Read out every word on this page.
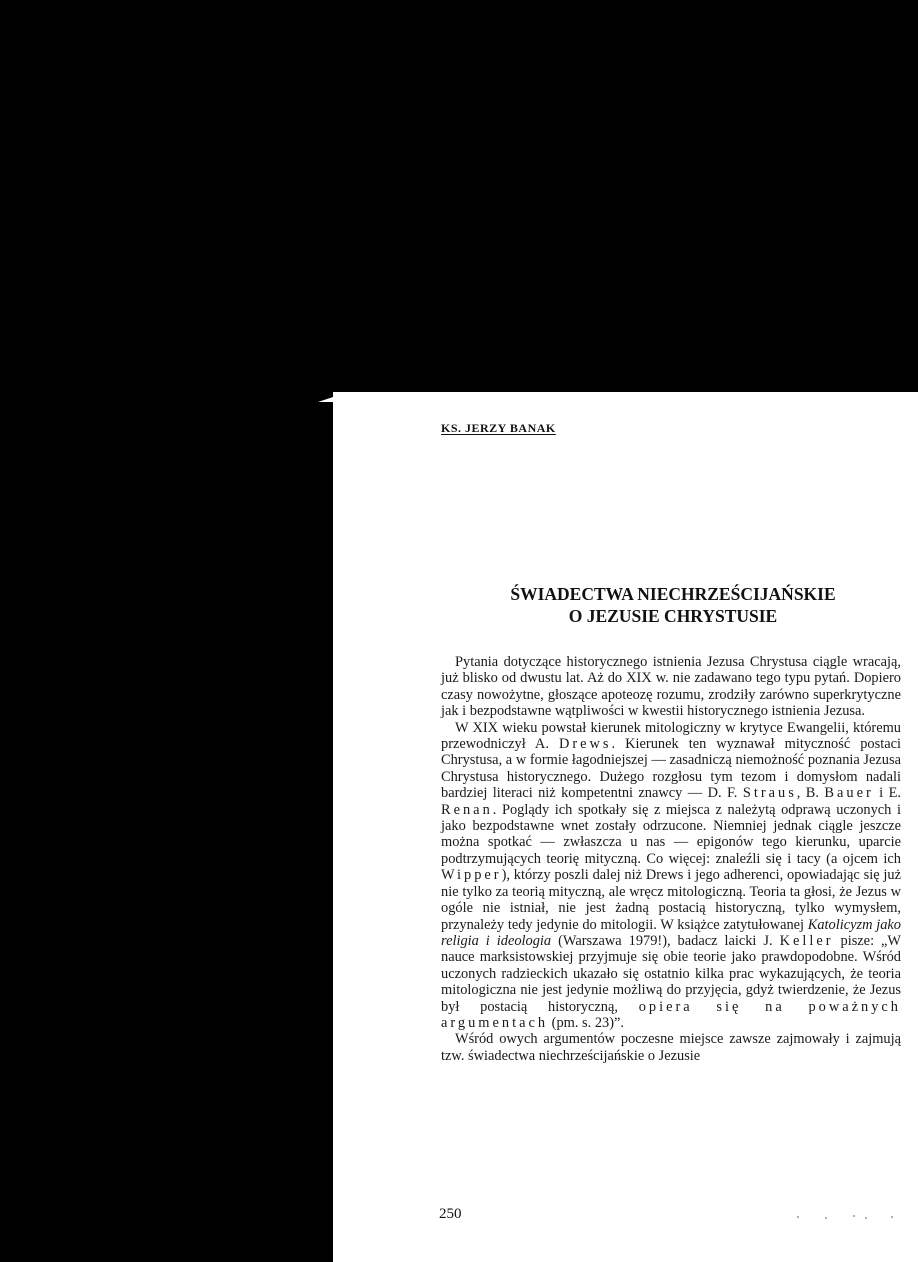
KS. JERZY BANAK
ŚWIADECTWA NIECHRZEŚCIJAŃSKIE
O JEZUSIE CHRYSTUSIE

Pytania dotyczące historycznego istnienia Jezusa Chrystusa ciągle wracają, już blisko od dwustu lat. Aż do XIX w. nie zadawano tego typu pytań. Dopiero czasy nowożytne, głoszące apoteozę rozumu, zrodziły zarówno superkrytyczne jak i bezpodstawne wątpliwości w kwestii historycznego istnienia Jezusa.

W XIX wieku powstał kierunek mitologiczny w krytyce Ewangelii, któremu przewodniczył A. Drews. Kierunek ten wyznawał mityczność postaci Chrystusa, a w formie łagodniejszej — zasadniczą niemożność poznania Jezusa Chrystusa historycznego. Dużego rozgłosu tym tezom i domysłom nadali bardziej literaci niż kompetentni znawcy — D. F. Straus, B. Bauer i E. Renan. Poglądy ich spotkały się z miejsca z należytą odprawą uczonych i jako bezpodstawne wnet zostały odrzucone. Niemniej jednak ciągle jeszcze można spotkać — zwłaszcza u nas — epigonów tego kierunku, uparcie podtrzymujących teorię mityczną. Co więcej: znaleźli się i tacy (a ojcem ich Wipper), którzy poszli dalej niż Drews i jego adherenci, opowiadając się już nie tylko za teorią mityczną, ale wręcz mitologiczną. Teoria ta głosi, że Jezus w ogóle nie istniał, nie jest żadną postacią historyczną, tylko wymysłem, przynależy tedy jedynie do mitologii. W książce zatytułowanej Katolicyzm jako religia i ideologia (Warszawa 1979!), badacz laicki J. Keller pisze: „W nauce marksistowskiej przyjmuje się obie teorie jako prawdopodobne. Wśród uczonych radzieckich ukazało się ostatnio kilka prac wykazujących, że teoria mitologiczna nie jest jedynie możliwą do przyjęcia, gdyż twierdzenie, że Jezus był postacią historyczną, opiera się na poważnych argumentach (pm. s. 23)”.

Wśród owych argumentów poczesne miejsce zawsze zajmowały i zajmują tzw. świadectwa niechrześcijańskie o Jezusie

250
